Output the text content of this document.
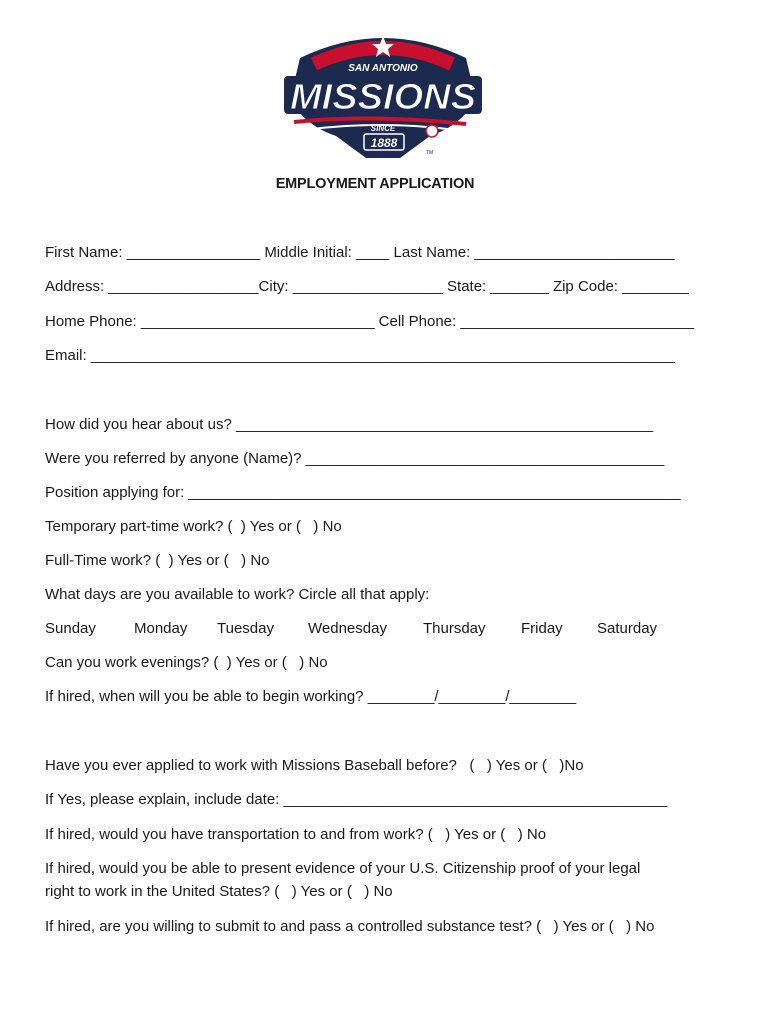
SAN ANTONIO
MISSIONS
SINCE
1888
TM
EMPLOYMENT APPLICATION
First Name: ________________ Middle Initial: ____ Last Name: ________________________
Address: __________________City: __________________ State: _______ Zip Code: ________
Home Phone: ____________________________ Cell Phone: ____________________________
Email: ______________________________________________________________________
How did you hear about us? __________________________________________________
Were you referred by anyone (Name)? ___________________________________________
Position applying for: ___________________________________________________________
Temporary part-time work? (  ) Yes or (   ) No
Full-Time work? (  ) Yes or (   ) No
What days are you available to work? Circle all that apply:
Sunday	Monday Tuesday Wednesday Thursday Friday Saturday
Can you work evenings? (  ) Yes or (   ) No
If hired, when will you be able to begin working? ________/________/________
Have you ever applied to work with Missions Baseball before?   (   ) Yes or (   )No
If Yes, please explain, include date: ______________________________________________
If hired, would you have transportation to and from work? (   ) Yes or (   ) No
If hired, would you be able to present evidence of your U.S. Citizenship proof of your legal
right to work in the United States? (   ) Yes or (   ) No
If hired, are you willing to submit to and pass a controlled substance test? (   ) Yes or (   ) No
